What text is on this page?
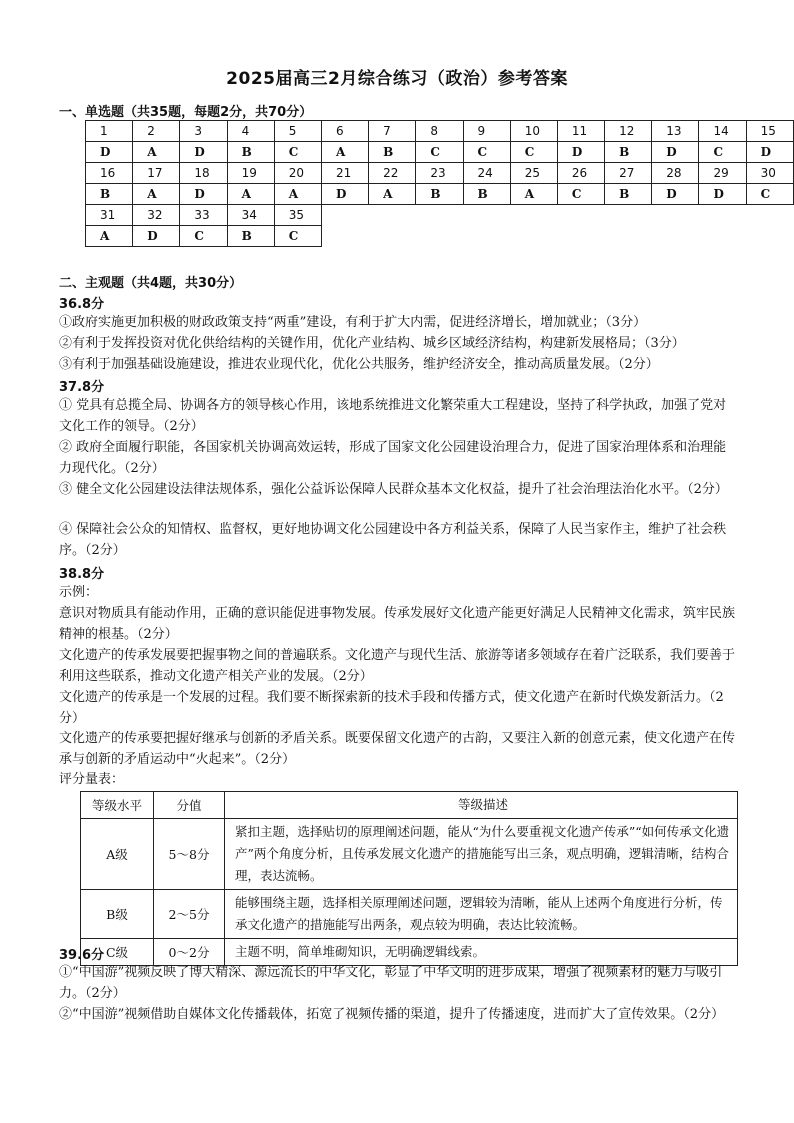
2025届高三2月综合练习（政治）参考答案
一、单选题（共35题，每题2分，共70分）
1	2	3	4	5	6	7	8	9	10	11	12	13	14	15
D	A	D	B	C	A	B	C	C	C	D	B	D	C	D
16	17	18	19	20	21	22	23	24	25	26	27	28	29	30
B	A	D	A	A	D	A	B	B	A	C	B	D	D	C
31	32	33	34	35										
A	D	C	B	C										
二、主观题（共4题，共30分）
36.8分
①政府实施更加积极的财政政策支持“两重”建设，有利于扩大内需，促进经济增长，增加就业；（3分）
②有利于发挥投资对优化供给结构的关键作用，优化产业结构、城乡区域经济结构，构建新发展格局；（3分）
③有利于加强基础设施建设，推进农业现代化，优化公共服务，维护经济安全，推动高质量发展。（2分）
37.8分
① 党具有总揽全局、协调各方的领导核心作用，该地系统推进文化繁荣重大工程建设，坚持了科学执政，加强了党对文化工作的领导。（2分）
② 政府全面履行职能，各国家机关协调高效运转，形成了国家文化公园建设治理合力，促进了国家治理体系和治理能力现代化。（2分）
③ 健全文化公园建设法律法规体系，强化公益诉讼保障人民群众基本文化权益，提升了社会治理法治化水平。（2分）
④ 保障社会公众的知情权、监督权，更好地协调文化公园建设中各方利益关系，保障了人民当家作主，维护了社会秩序。（2分）
38.8分
示例：
意识对物质具有能动作用，正确的意识能促进事物发展。传承发展好文化遗产能更好满足人民精神文化需求，筑牢民族精神的根基。（2分）
文化遗产的传承发展要把握事物之间的普遍联系。文化遗产与现代生活、旅游等诸多领域存在着广泛联系，我们要善于利用这些联系，推动文化遗产相关产业的发展。（2分）
文化遗产的传承是一个发展的过程。我们要不断探索新的技术手段和传播方式，使文化遗产在新时代焕发新活力。（2分）
文化遗产的传承要把握好继承与创新的矛盾关系。既要保留文化遗产的古韵，又要注入新的创意元素，使文化遗产在传承与创新的矛盾运动中“火起来”。（2分）
评分量表：
等级水平	分值	等级描述
A级	5～8分	紧扣主题，选择贴切的原理阐述问题，能从“为什么要重视文化遗产传承”“如何传承文化遗产”两个角度分析，且传承发展文化遗产的措施能写出三条，观点明确，逻辑清晰，结构合理，表达流畅。
B级	2～5分	能够围绕主题，选择相关原理阐述问题，逻辑较为清晰，能从上述两个角度进行分析，传承文化遗产的措施能写出两条，观点较为明确，表达比较流畅。
C级	0～2分	主题不明，简单堆砌知识，无明确逻辑线索。
39.6分
①“中国游”视频反映了博大精深、源远流长的中华文化，彰显了中华文明的进步成果，增强了视频素材的魅力与吸引力。（2分）
②“中国游”视频借助自媒体文化传播载体，拓宽了视频传播的渠道，提升了传播速度，进而扩大了宣传效果。（2分）
